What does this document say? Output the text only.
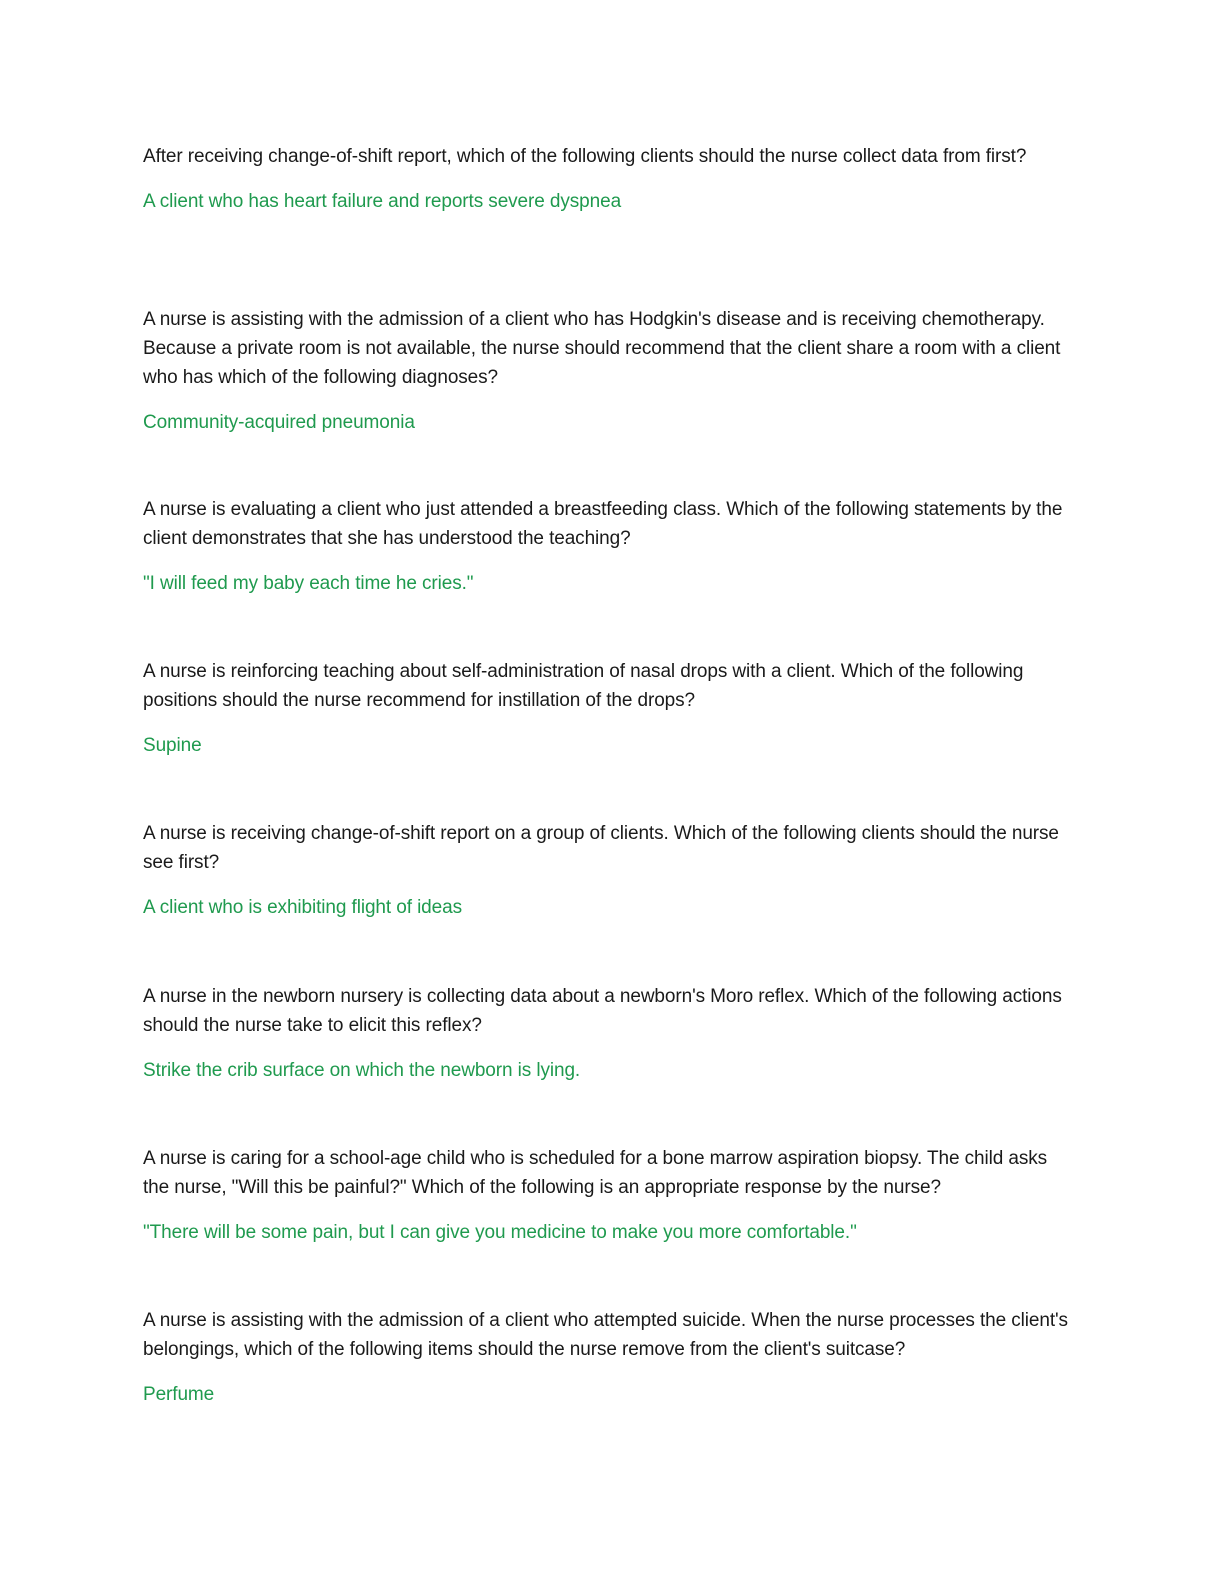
After receiving change-of-shift report, which of the following clients should the nurse collect data from first?

A client who has heart failure and reports severe dyspnea

A nurse is assisting with the admission of a client who has Hodgkin's disease and is receiving chemotherapy. Because a private room is not available, the nurse should recommend that the client share a room with a client who has which of the following diagnoses?

Community-acquired pneumonia

A nurse is evaluating a client who just attended a breastfeeding class. Which of the following statements by the client demonstrates that she has understood the teaching?

"I will feed my baby each time he cries."

A nurse is reinforcing teaching about self-administration of nasal drops with a client. Which of the following positions should the nurse recommend for instillation of the drops?

Supine

A nurse is receiving change-of-shift report on a group of clients. Which of the following clients should the nurse see first?

A client who is exhibiting flight of ideas

A nurse in the newborn nursery is collecting data about a newborn's Moro reflex. Which of the following actions should the nurse take to elicit this reflex?

Strike the crib surface on which the newborn is lying.

A nurse is caring for a school-age child who is scheduled for a bone marrow aspiration biopsy. The child asks the nurse, "Will this be painful?" Which of the following is an appropriate response by the nurse?

"There will be some pain, but I can give you medicine to make you more comfortable."

A nurse is assisting with the admission of a client who attempted suicide. When the nurse processes the client's belongings, which of the following items should the nurse remove from the client's suitcase?

Perfume
